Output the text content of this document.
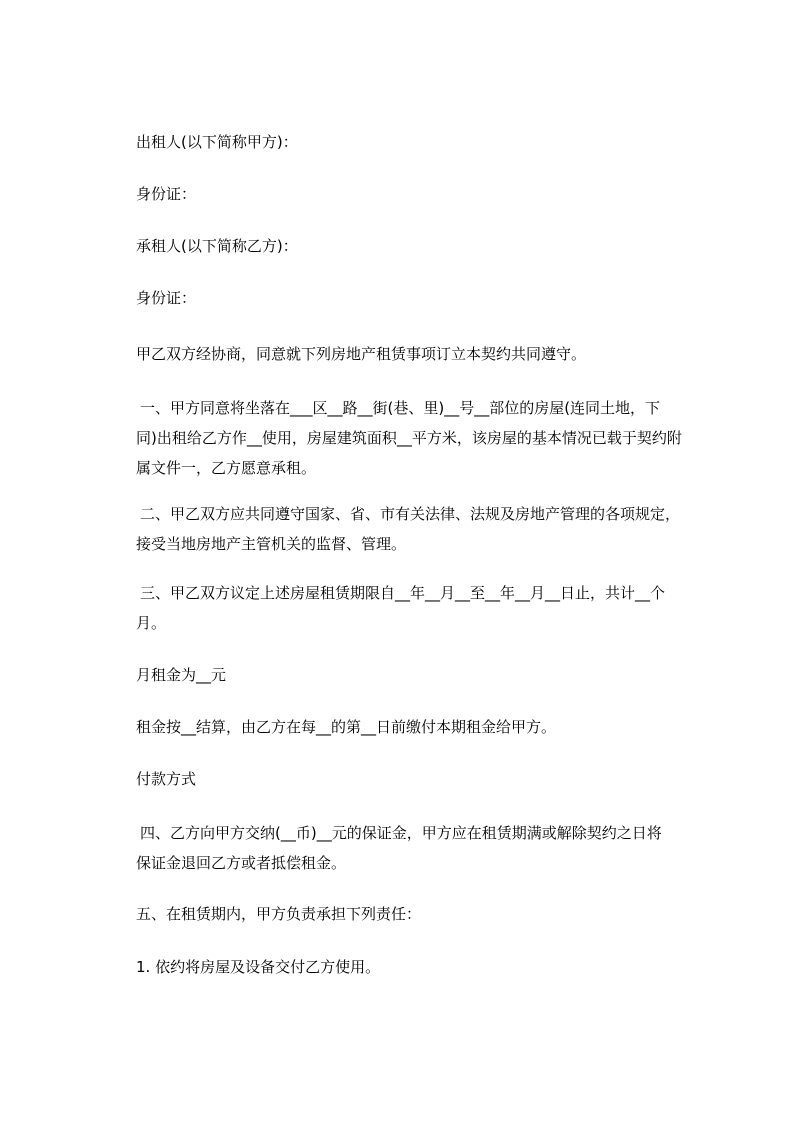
出租人(以下简称甲方)：

身份证：

承租人(以下简称乙方)：

身份证：

甲乙双方经协商，同意就下列房地产租赁事项订立本契约共同遵守。

一、甲方同意将坐落在___区__路__街(巷、里)__号__部位的房屋(连同土地，下
同)出租给乙方作__使用，房屋建筑面积__平方米，该房屋的基本情况已载于契约附
属文件一，乙方愿意承租。
二、甲乙双方应共同遵守国家、省、市有关法律、法规及房地产管理的各项规定，
接受当地房地产主管机关的监督、管理。
三、甲乙双方议定上述房屋租赁期限自__年__月__至__年__月__日止，共计__个
月。

月租金为__元

租金按__结算，由乙方在每__的第__日前缴付本期租金给甲方。

付款方式

四、乙方向甲方交纳(__币)__元的保证金，甲方应在租赁期满或解除契约之日将
保证金退回乙方或者抵偿租金。

五、在租赁期内，甲方负责承担下列责任：

1. 依约将房屋及设备交付乙方使用。
